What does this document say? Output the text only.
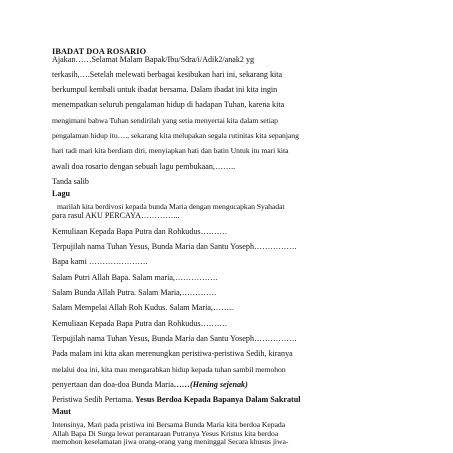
IBADAT DOA ROSARIO
Ajakan……Selamat Malam Bapak/Ibu/Sdra/i/Adik2/anak2 yg
terkasih,….Setelah melewati berbagai kesibukan hari ini, sekarang kita
berkumpul kembali untuk ibadat bersama. Dalam ibadat ini kita ingin
menempatkan seluruh pengalaman hidup di hadapan Tuhan, karena kita
mengimani bahwa Tuhan sendirilah yang setia menyertai kita dalam setiap
pengalaman hidup itu…., sekarang kita melupakan segala rutinitas kita sepanjang
hari tadi mari kita berdiam diri, menyiapkan hati dan batin Untuk itu mari kita
awali doa rosario dengan sebuah lagu pembukaan,……..
Tanda salib
Lagu
marilah kita berdivosi kepada bunda Maria dengan mengucapkan Syahadat
para rasul AKU PERCAYA…………...
Kemuliaan Kepada Bapa Putra dan Rohkudus……….
Terpujilah nama Tuhan Yesus, Bunda Maria dan Santu Yoseph…………….
Bapa kami ………………….
Salam Putri Allah Bapa. Salam maria,…………….
Salam Bunda Allah Putra. Salam Maria,………….
Salam Mempelai Allah Roh Kudus. Salam Maria,……..
Kemuliaan Kepada Bapa Putra dan Rohkudus……….
Terpujilah nama Tuhan Yesus, Bunda Maria dan Santu Yoseph…………….
Pada malam ini kita akan merenungkan peristiwa-peristiwa Sedih, kiranya
melalui doa ini, kita mau mengarahkan hidup kepada tuhan sambil memohon
penyertaan dan doa-doa Bunda Maria……(Hening sejenak)
Peristiwa Sedih Pertama. Yesus Berdoa Kepada Bapanya Dalam Sakratul
Maut
Intensinya, Mari pada pristiwa ini Bersama Bunda Maria kita berdoa Kepada
Allah Bapa Di Surga lewat perantaraan Putranya Yesus Kristus kita berdoa
memohon keselamatan jiwa orang-orang yang meninggal Secara khusus jiwa-
